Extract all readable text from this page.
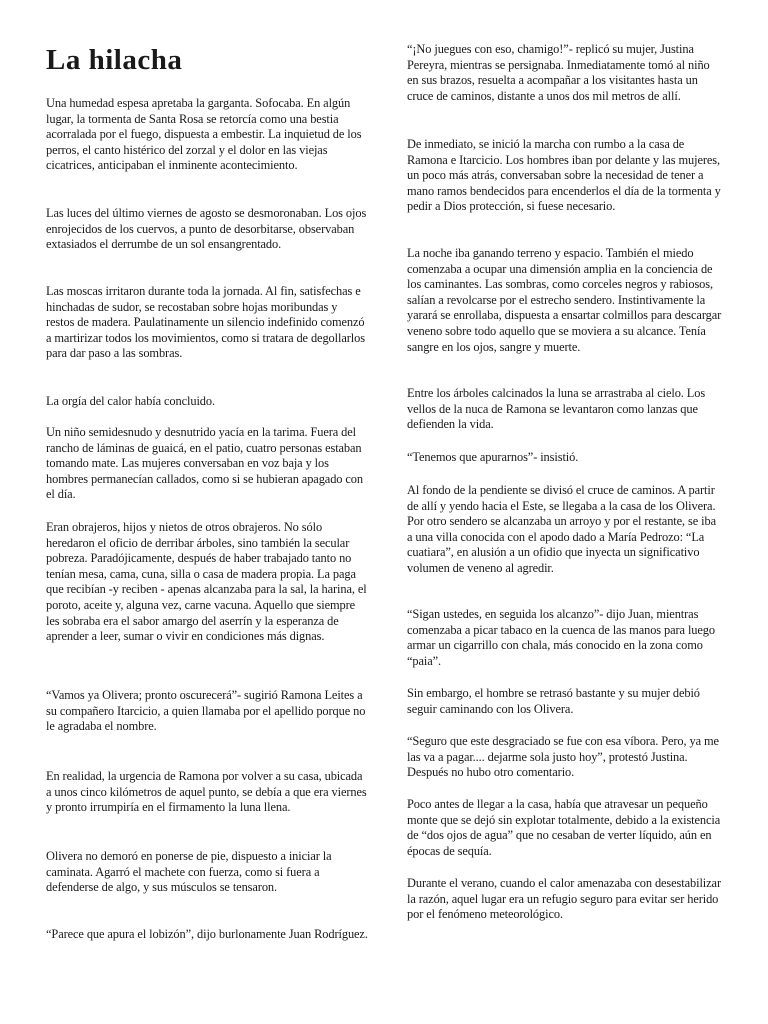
La hilacha

Una humedad espesa apretaba la garganta. Sofocaba. En algún lugar, la tormenta de Santa Rosa se retorcía como una bestia acorralada por el fuego, dispuesta a embestir. La inquietud de los perros, el canto histérico del zorzal y el dolor en las viejas cicatrices, anticipaban el inminente acontecimiento.

Las luces del último viernes de agosto se desmoronaban. Los ojos enrojecidos de los cuervos, a punto de desorbitarse, observaban extasiados el derrumbe de un sol ensangrentado.

Las moscas irritaron durante toda la jornada. Al fin, satisfechas e hinchadas de sudor, se recostaban sobre hojas moribundas y restos de madera. Paulatinamente un silencio indefinido comenzó a martirizar todos los movimientos, como si tratara de degollarlos para dar paso a las sombras.

La orgía del calor había concluido.

Un niño semidesnudo y desnutrido yacía en la tarima. Fuera del rancho de láminas de guaicá, en el patio, cuatro personas estaban tomando mate. Las mujeres conversaban en voz baja y los hombres permanecían callados, como si se hubieran apagado con el día.

Eran obrajeros, hijos y nietos de otros obrajeros. No sólo heredaron el oficio de derribar árboles, sino también la secular pobreza. Paradójicamente, después de haber trabajado tanto no tenían mesa, cama, cuna, silla o casa de madera propia. La paga que recibían -y reciben - apenas alcanzaba para la sal, la harina, el poroto, aceite y, alguna vez, carne vacuna. Aquello que siempre les sobraba era el sabor amargo del aserrín y la esperanza de aprender a leer, sumar o vivir en condiciones más dignas.

“Vamos ya Olivera; pronto oscurecerá”- sugirió Ramona Leites a su compañero Itarcicio, a quien llamaba por el apellido porque no le agradaba el nombre.

En realidad, la urgencia de Ramona por volver a su casa, ubicada a unos cinco kilómetros de aquel punto, se debía a que era viernes y pronto irrumpiría en el firmamento la luna llena.

Olivera no demoró en ponerse de pie, dispuesto a iniciar la caminata. Agarró el machete con fuerza, como si fuera a defenderse de algo, y sus músculos se tensaron.

“Parece que apura el lobizón”, dijo burlonamente Juan Rodríguez.

“¡No juegues con eso, chamigo!”- replicó su mujer, Justina Pereyra, mientras se persignaba. Inmediatamente tomó al niño en sus brazos, resuelta a acompañar a los visitantes hasta un cruce de caminos, distante a unos dos mil metros de allí.

De inmediato, se inició la marcha con rumbo a la casa de Ramona e Itarcicio. Los hombres iban por delante y las mujeres, un poco más atrás, conversaban sobre la necesidad de tener a mano ramos bendecidos para encenderlos el día de la tormenta y pedir a Dios protección, si fuese necesario.

La noche iba ganando terreno y espacio. También el miedo comenzaba a ocupar una dimensión amplia en la conciencia de los caminantes. Las sombras, como corceles negros y rabiosos, salían a revolcarse por el estrecho sendero. Instintivamente la yarará se enrollaba, dispuesta a ensartar colmillos para descargar veneno sobre todo aquello que se moviera a su alcance. Tenía sangre en los ojos, sangre y muerte.

Entre los árboles calcinados la luna se arrastraba al cielo. Los vellos de la nuca de Ramona se levantaron como lanzas que defienden la vida.

“Tenemos que apurarnos”- insistió.

Al fondo de la pendiente se divisó el cruce de caminos. A partir de allí y yendo hacia el Este, se llegaba a la casa de los Olivera. Por otro sendero se alcanzaba un arroyo y por el restante, se iba a una villa conocida con el apodo dado a María Pedrozo: “La cuatiara”, en alusión a un ofidio que inyecta un significativo volumen de veneno al agredir.

“Sigan ustedes, en seguida los alcanzo”- dijo Juan, mientras comenzaba a picar tabaco en la cuenca de las manos para luego armar un cigarrillo con chala, más conocido en la zona como “paia”.

Sin embargo, el hombre se retrasó bastante y su mujer debió seguir caminando con los Olivera.

“Seguro que este desgraciado se fue con esa víbora. Pero, ya me las va a pagar.... dejarme sola justo hoy”, protestó Justina. Después no hubo otro comentario.

Poco antes de llegar a la casa, había que atravesar un pequeño monte que se dejó sin explotar totalmente, debido a la existencia de “dos ojos de agua” que no cesaban de verter líquido, aún en épocas de sequía.

Durante el verano, cuando el calor amenazaba con desestabilizar la razón, aquel lugar era un refugio seguro para evitar ser herido por el fenómeno meteorológico.
